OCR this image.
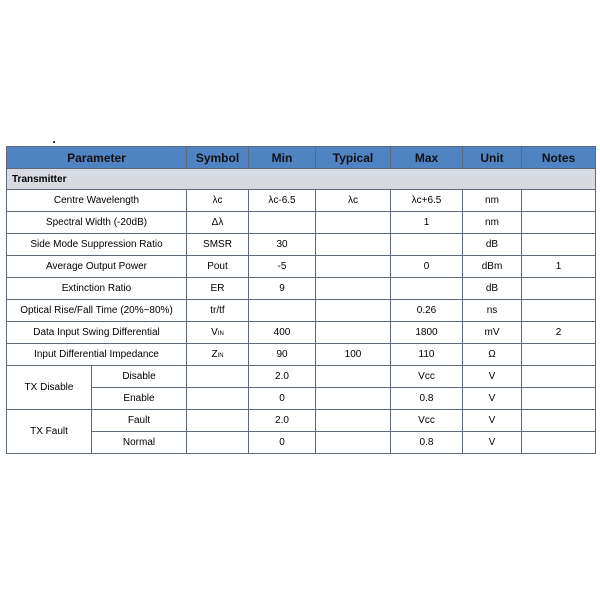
Parameter		Symbol	Min	Typical	Max	Unit	Notes
Transmitter							
Centre Wavelength		λc	λc-6.5	λc	λc+6.5	nm	
Spectral Width (-20dB)		Δλ			1	nm	
Side Mode Suppression Ratio		SMSR	30			dB	
Average Output Power		Pout	-5		0	dBm	1
Extinction Ratio		ER	9			dB	
Optical Rise/Fall Time (20%~80%)		tr/tf			0.26	ns	
Data Input Swing Differential		VIN	400		1800	mV	2
Input Differential Impedance		ZIN	90	100	110	Ω	
TX Disable	Disable		2.0		Vcc	V	
	Enable		0		0.8	V	
TX Fault	Fault		2.0		Vcc	V	
	Normal		0		0.8	V	
